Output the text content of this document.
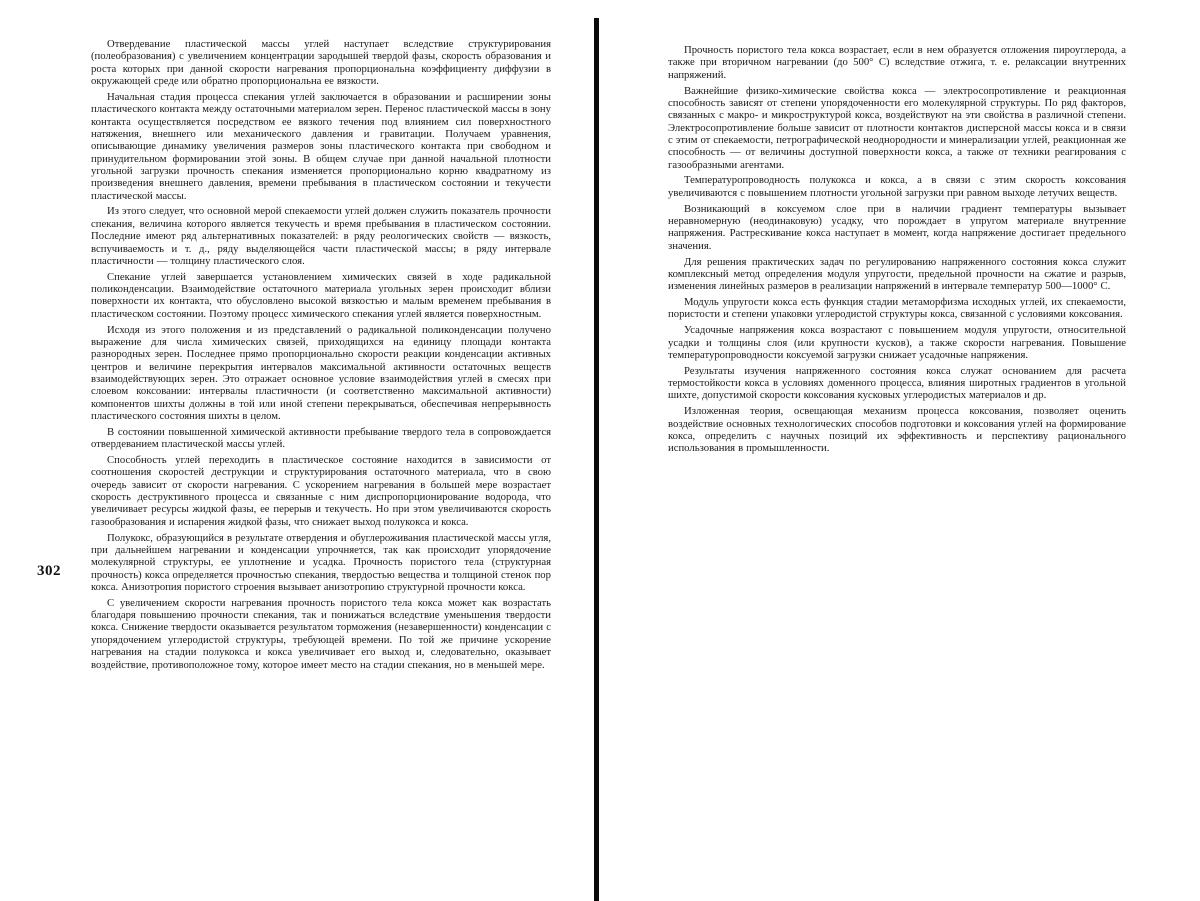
Отвердевание пластической массы углей наступает вследствие структурирования (полеобразования) с увеличением концентрации зародышей твердой фазы, скорость образования и роста которых при данной скорости нагревания пропорциональна коэффициенту диффузии в окружающей среде или обратно пропорциональна ее вязкости.

Начальная стадия процесса спекания углей заключается в образовании и расширении зоны пластического контакта между остаточными материалом зерен. Перенос пластической массы в зону контакта осуществляется посредством ее вязкого течения под влиянием сил поверхностного натяжения, внешнего или механического давления и гравитации. Получаем уравнения, описывающие динамику увеличения размеров зоны пластического контакта при свободном и принудительном формировании этой зоны. В общем случае при данной начальной плотности угольной загрузки прочность спекания изменяется пропорционально корню квадратному из произведения внешнего давления, времени пребывания в пластическом состоянии и текучести пластической массы.

Из этого следует, что основной мерой спекаемости углей должен служить показатель прочности спекания, величина которого является текучесть и время пребывания в пластическом состоянии. Последние имеют ряд альтернативных показателей: в ряду реологических свойств — вязкость, вспучиваемость и т. д., ряду выделяющейся части пластической массы; в ряду интервале пластичности — толщину пластического слоя.

Спекание углей завершается установлением химических связей в ходе радикальной поликонденсации. Взаимодействие остаточного материала угольных зерен происходит вблизи поверхности их контакта, что обусловлено высокой вязкостью и малым временем пребывания в пластическом состоянии. Поэтому процесс химического спекания углей является поверхностным.

Исходя из этого положения и из представлений о радикальной поликонденсации получено выражение для числа химических связей, приходящихся на единицу площади контакта разнородных зерен. Последнее прямо пропорционально скорости реакции конденсации активных центров и величине перекрытия интервалов максимальной активности остаточных веществ взаимодействующих зерен. Это отражает основное условие взаимодействия углей в смесях при слоевом коксовании: интервалы пластичности (и соответственно максимальной активности) компонентов шихты должны в той или иной степени перекрываться, обеспечивая непрерывность пластического состояния шихты в целом.

В состоянии повышенной химической активности пребывание твердого тела в сопровождается отвердеванием пластической массы углей.

Способность углей переходить в пластическое состояние находится в зависимости от соотношения скоростей деструкции и структурирования остаточного материала, что в свою очередь зависит от скорости нагревания. С ускорением нагревания в большей мере возрастает скорость деструктивного процесса и связанные с ним диспропорционирование водорода, что увеличивает ресурсы жидкой фазы, ее перерыв и текучесть. Но при этом увеличиваются скорость газообразования и испарения жидкой фазы, что снижает выход полукокса и кокса.

Полукокс, образующийся в результате отвердения и обуглероживания пластической массы угля, при дальнейшем нагревании и конденсации упрочняется, так как происходит упорядочение молекулярной структуры, ее уплотнение и усадка. Прочность пористого тела (структурная прочность) кокса определяется прочностью спекания, твердостью вещества и толщиной стенок пор кокса. Анизотропия пористого строения вызывает анизотропию структурной прочности кокса.

С увеличением скорости нагревания прочность пористого тела кокса может как возрастать благодаря повышению прочности спекания, так и понижаться вследствие уменьшения твердости кокса. Снижение твердости оказывается результатом торможения (незавершенности) конденсации с упорядочением углеродистой структуры, требующей времени. По той же причине ускорение нагревания на стадии полукокса и кокса увеличивает его выход и, следовательно, оказывает воздействие, противоположное тому, которое имеет место на стадии спекания, но в меньшей мере.

302

Прочность пористого тела кокса возрастает, если в нем образуется отложения пироуглерода, а также при вторичном нагревании (до 500° С) вследствие отжига, т. е. релаксации внутренних напряжений.

Важнейшие физико-химические свойства кокса — электросопротивление и реакционная способность зависят от степени упорядоченности его молекулярной структуры. По ряд факторов, связанных с макро- и микроструктурой кокса, воздействуют на эти свойства в различной степени. Электросопротивление больше зависит от плотности контактов дисперсной массы кокса и в связи с этим от спекаемости, петрографической неоднородности и минерализации углей, реакционная же способность — от величины доступной поверхности кокса, а также от техники реагирования с газообразными агентами.

Температуропроводность полукокса и кокса, а в связи с этим скорость коксования увеличиваются с повышением плотности угольной загрузки при равном выходе летучих веществ.

Возникающий в коксуемом слое при в наличии градиент температуры вызывает неравномерную (неодинаковую) усадку, что порождает в упругом материале внутренние напряжения. Растрескивание кокса наступает в момент, когда напряжение достигает предельного значения.

Для решения практических задач по регулированию напряженного состояния кокса служит комплексный метод определения модуля упругости, предельной прочности на сжатие и разрыв, изменения линейных размеров в реализации напряжений в интервале температур 500—1000° С.

Модуль упругости кокса есть функция стадии метаморфизма исходных углей, их спекаемости, пористости и степени упаковки углеродистой структуры кокса, связанной с условиями коксования.

Усадочные напряжения кокса возрастают с повышением модуля упругости, относительной усадки и толщины слоя (или крупности кусков), а также скорости нагревания. Повышение температуропроводности коксуемой загрузки снижает усадочные напряжения.

Результаты изучения напряженного состояния кокса служат основанием для расчета термостойкости кокса в условиях доменного процесса, влияния широтных градиентов в угольной шихте, допустимой скорости коксования кусковых углеродистых материалов и др.

Изложенная теория, освещающая механизм процесса коксования, позволяет оценить воздействие основных технологических способов подготовки и коксования углей на формирование кокса, определить с научных позиций их эффективность и перспективу рационального использования в промышленности.
